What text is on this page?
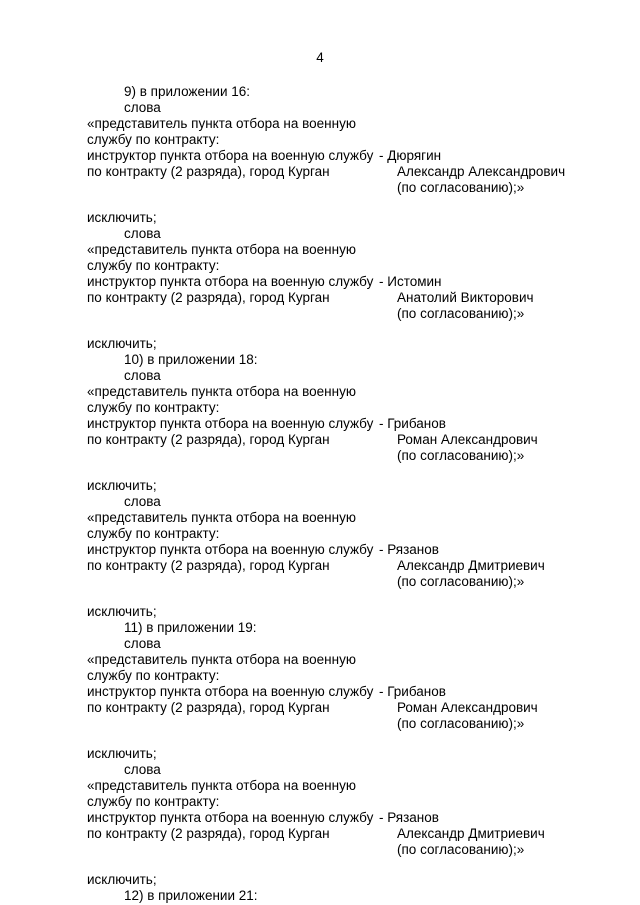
4
9) в приложении 16:
слова
«представитель пункта отбора на военную
службу по контракту:
инструктор пункта отбора на военную службу
по контракту (2 разряда), город Курган
- Дюрягин
Александр Александрович
(по согласованию);»
исключить;
слова
«представитель пункта отбора на военную
службу по контракту:
инструктор пункта отбора на военную службу
по контракту (2 разряда), город Курган
- Истомин
Анатолий Викторович
(по согласованию);»
исключить;
10) в приложении 18:
слова
«представитель пункта отбора на военную
службу по контракту:
инструктор пункта отбора на военную службу
по контракту (2 разряда), город Курган
- Грибанов
Роман Александрович
(по согласованию);»
исключить;
слова
«представитель пункта отбора на военную
службу по контракту:
инструктор пункта отбора на военную службу
по контракту (2 разряда), город Курган
- Рязанов
Александр Дмитриевич
(по согласованию);»
исключить;
11) в приложении 19:
слова
«представитель пункта отбора на военную
службу по контракту:
инструктор пункта отбора на военную службу
по контракту (2 разряда), город Курган
- Грибанов
Роман Александрович
(по согласованию);»
исключить;
слова
«представитель пункта отбора на военную
службу по контракту:
инструктор пункта отбора на военную службу
по контракту (2 разряда), город Курган
- Рязанов
Александр Дмитриевич
(по согласованию);»
исключить;
12) в приложении 21:
